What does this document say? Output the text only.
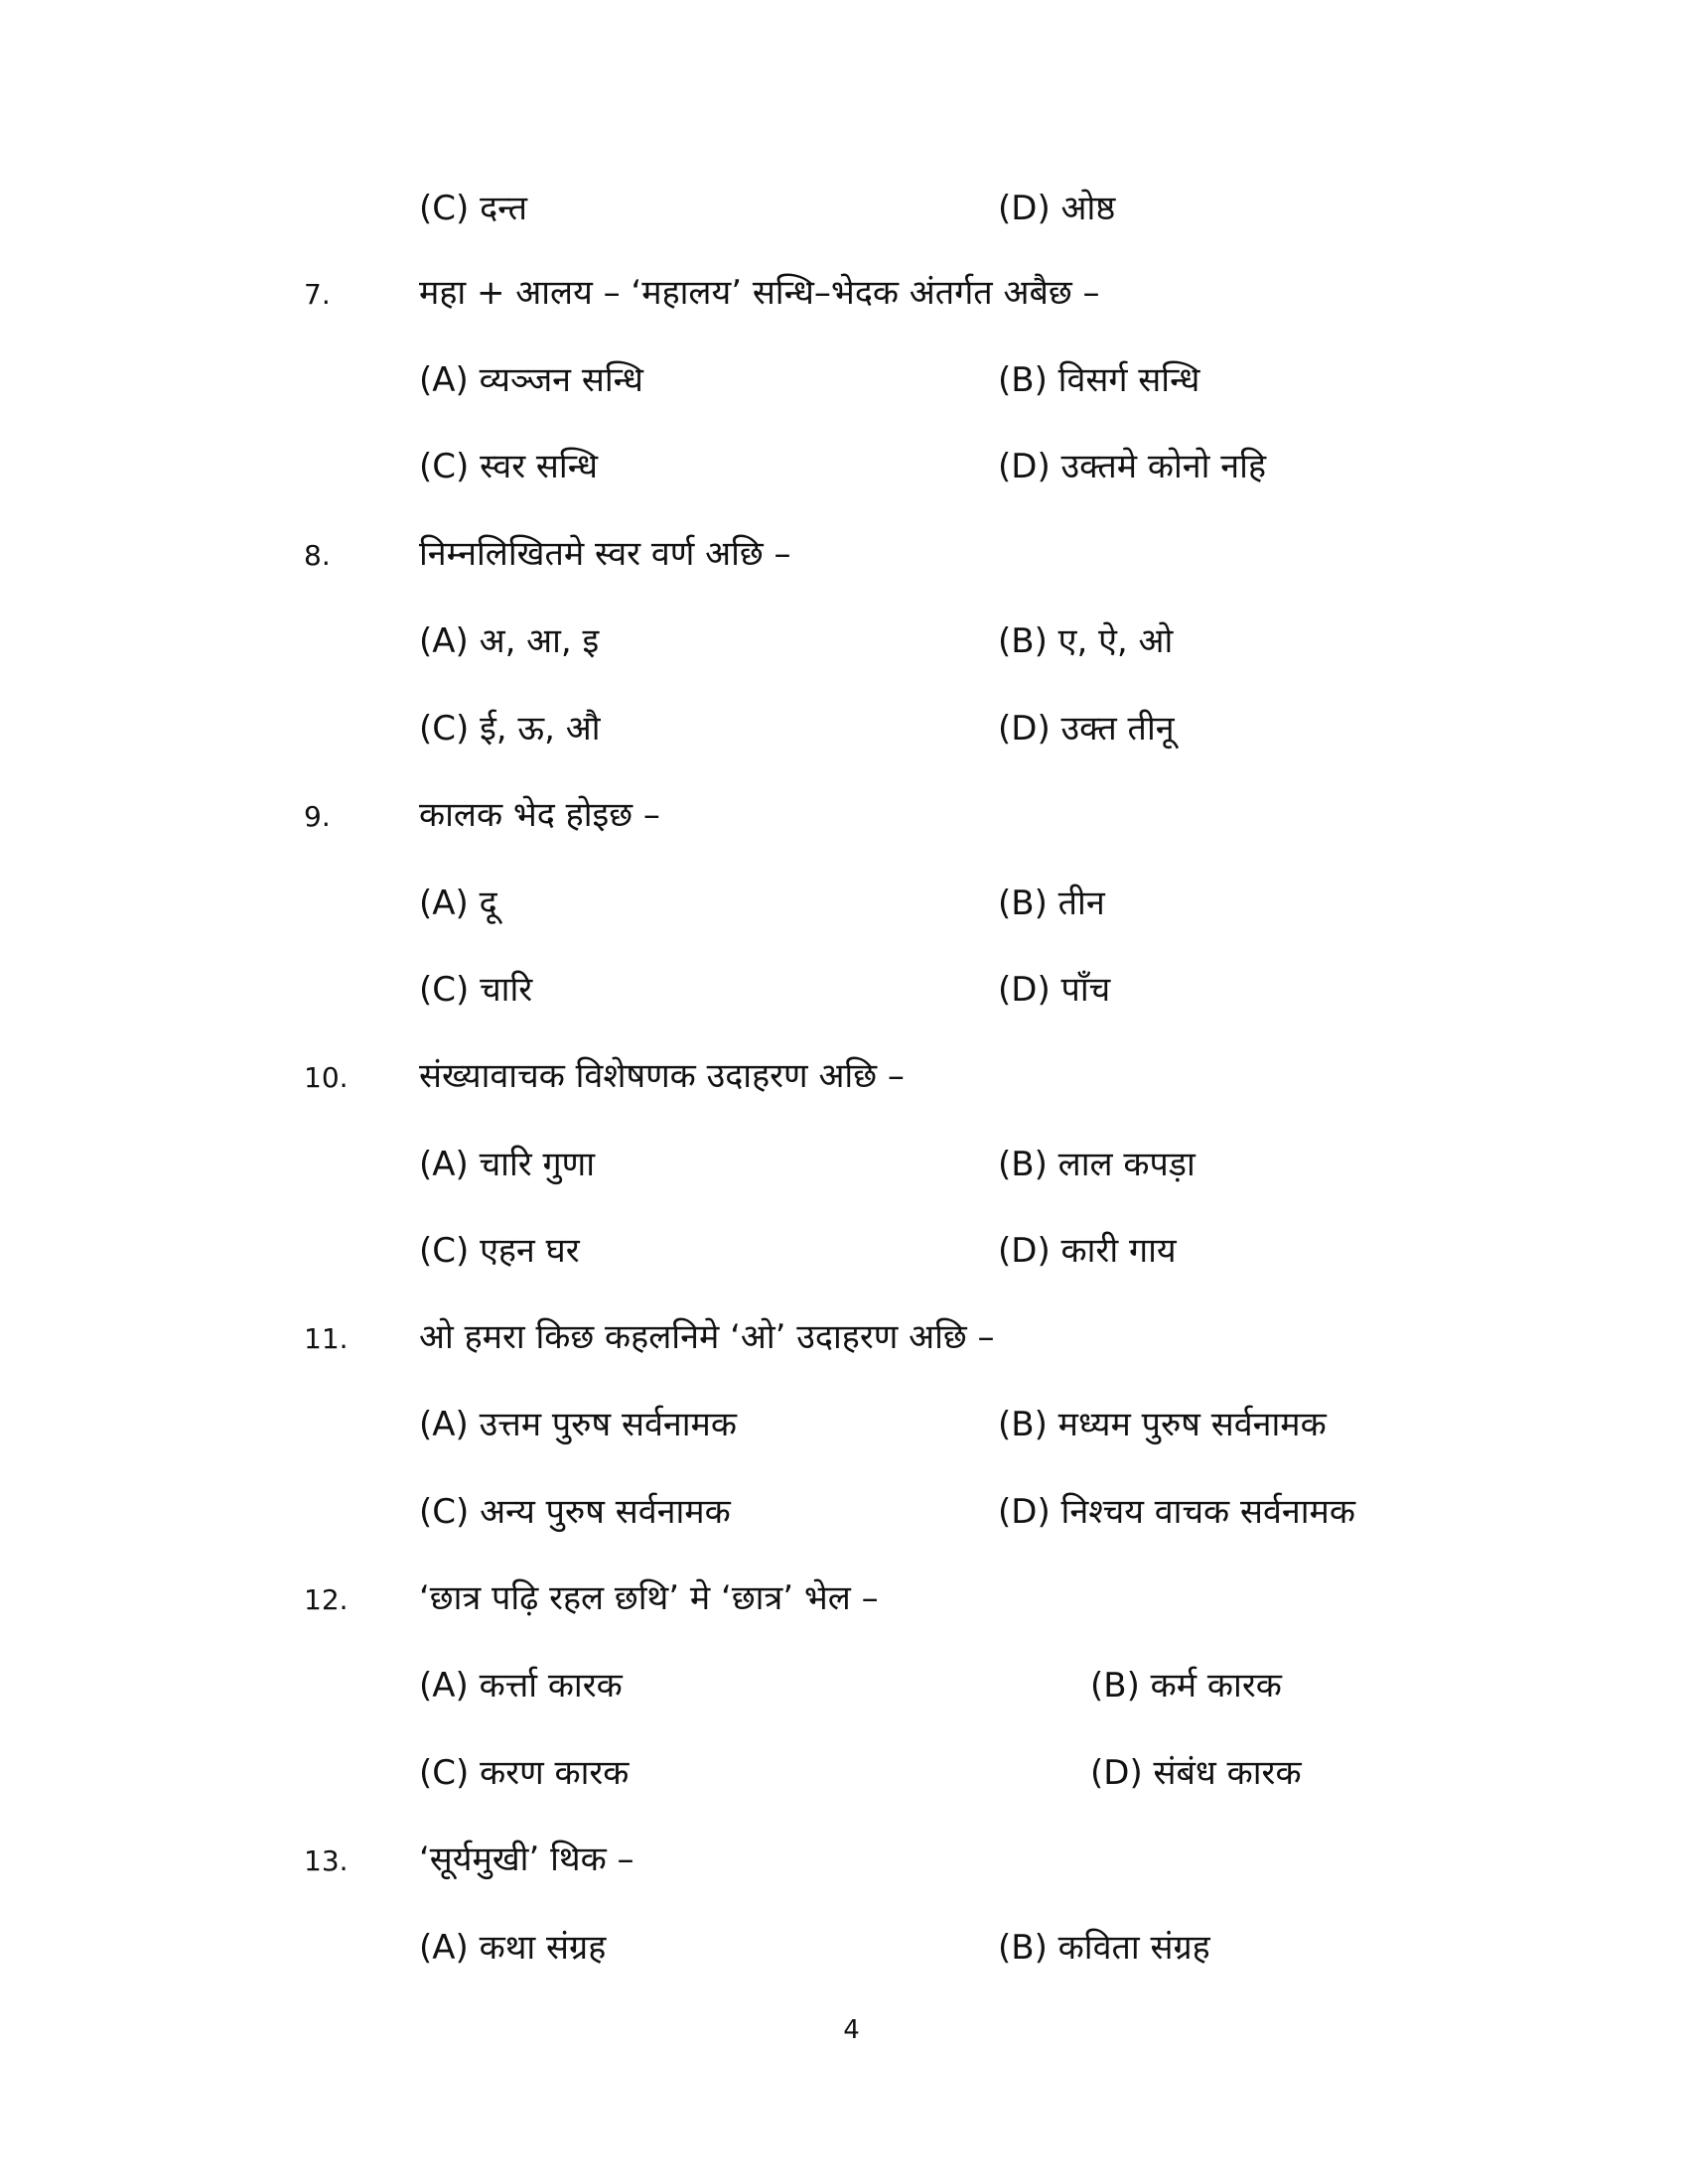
(C) दन्त	(D) ओष्ठ
7.	महा + आलय – ‘महालय’ सन्धि–भेदक अंतर्गत अबैछ –
(A) व्यञ्जन सन्धि	(B) विसर्ग सन्धि
(C) स्वर सन्धि	(D) उक्तमे कोनो नहि
8.	निम्नलिखितमे स्वर वर्ण अछि –
(A) अ, आ, इ	(B) ए, ऐ, ओ
(C) ई, ऊ, औ	(D) उक्त तीनू
9.	कालक भेद होइछ –
(A) दू	(B) तीन
(C) चारि	(D) पाँच
10. संख्यावाचक विशेषणक उदाहरण अछि –
(A) चारि गुणा	(B) लाल कपड़ा
(C) एहन घर	(D) कारी गाय
11. ओ हमरा किछ कहलनिमे ‘ओ’ उदाहरण अछि –
(A) उत्तम पुरुष सर्वनामक	(B) मध्यम पुरुष सर्वनामक
(C) अन्य पुरुष सर्वनामक	(D) निश्चय वाचक सर्वनामक
12. ‘छात्र पढ़ि रहल छथि’ मे ‘छात्र’ भेल –
(A) कर्त्ता कारक	(B) कर्म कारक
(C) करण कारक	(D) संबंध कारक
13. ‘सूर्यमुखी’ थिक –
(A) कथा संग्रह	(B) कविता संग्रह
4
